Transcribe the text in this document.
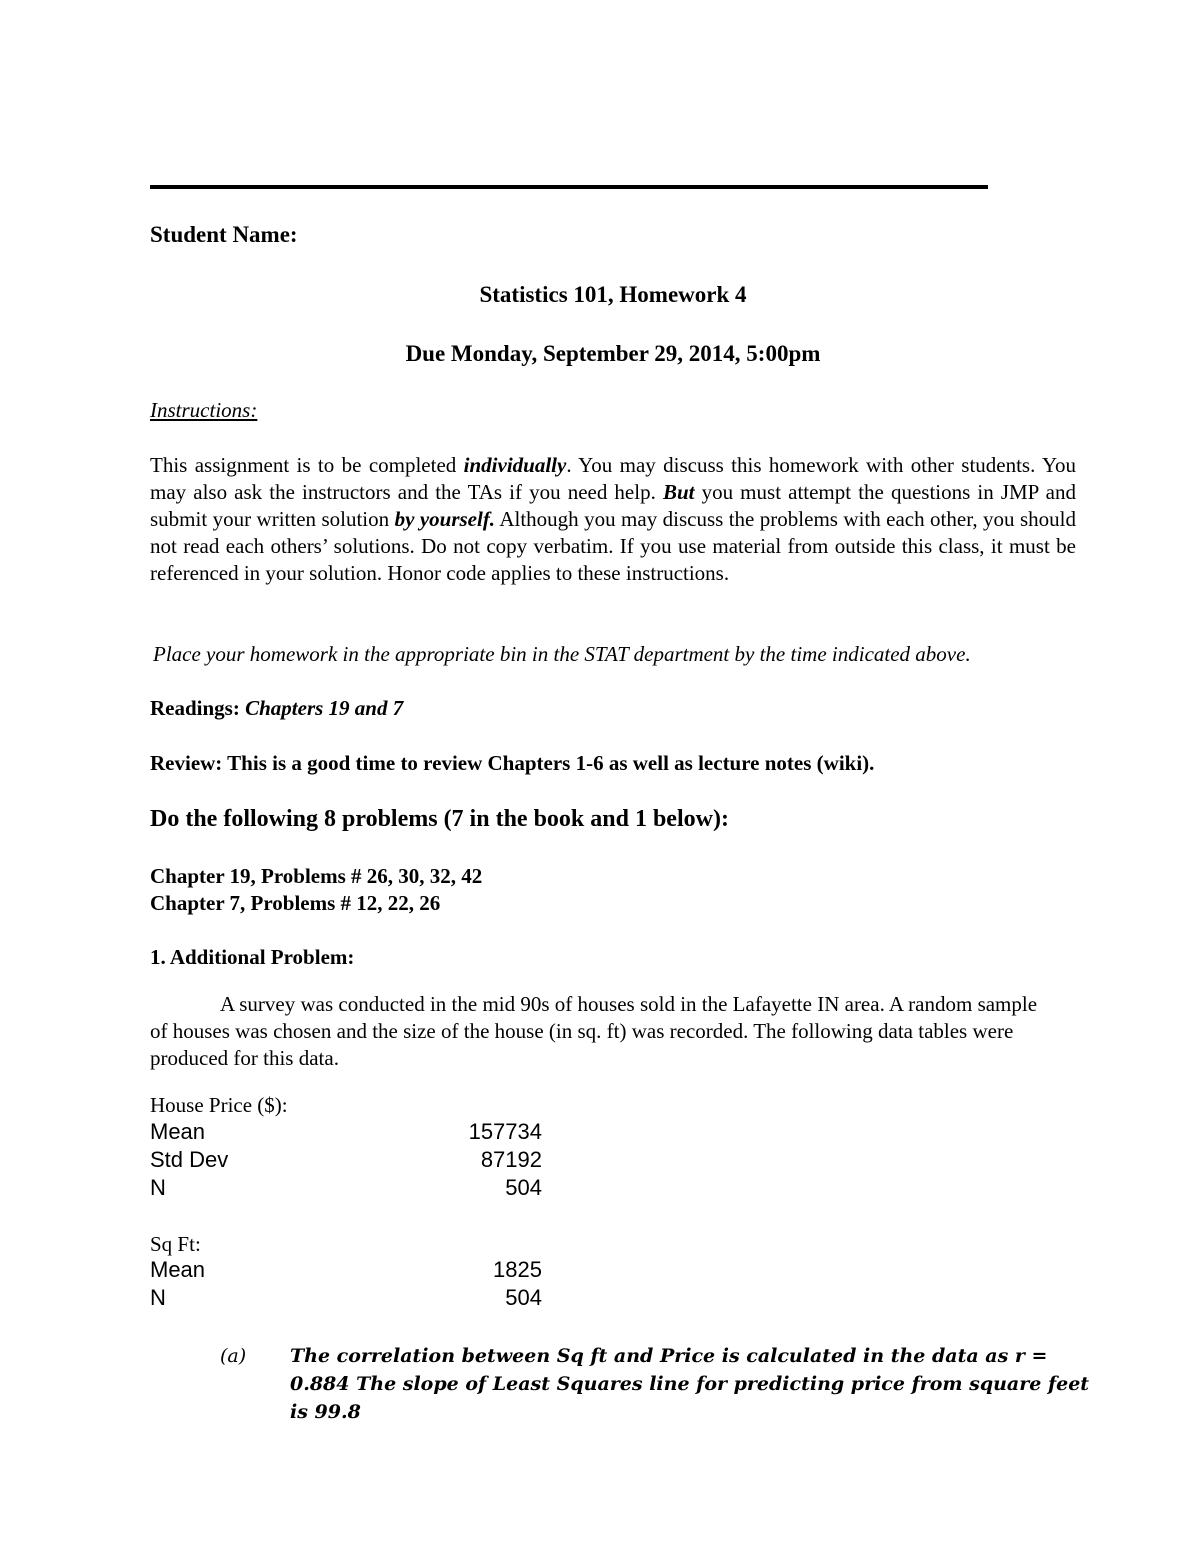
Student Name:
Statistics 101, Homework 4
Due Monday, September 29, 2014, 5:00pm
Instructions:
This assignment is to be completed individually. You may discuss this homework with other students. You may also ask the instructors and the TAs if you need help. But you must attempt the questions in JMP and submit your written solution by yourself. Although you may discuss the problems with each other, you should not read each others’ solutions. Do not copy verbatim. If you use material from outside this class, it must be referenced in your solution. Honor code applies to these instructions.
Place your homework in the appropriate bin in the STAT department by the time indicated above.
Readings: Chapters 19 and 7
Review: This is a good time to review Chapters 1-6 as well as lecture notes (wiki).
Do the following 8 problems (7 in the book and 1 below):
Chapter 19, Problems # 26, 30, 32, 42
Chapter 7, Problems # 12, 22, 26
1. Additional Problem:
A survey was conducted in the mid 90s of houses sold in the Lafayette IN area. A random sample of houses was chosen and the size of the house (in sq. ft) was recorded. The following data tables were produced for this data.
House Price ($):
Mean	157734
Std Dev	87192
N	504
Sq Ft:
Mean	1825
N	504
(a) The correlation between Sq ft and Price is calculated in the data as r = 0.884 The slope of Least Squares line for predicting price from square feet is 99.8
